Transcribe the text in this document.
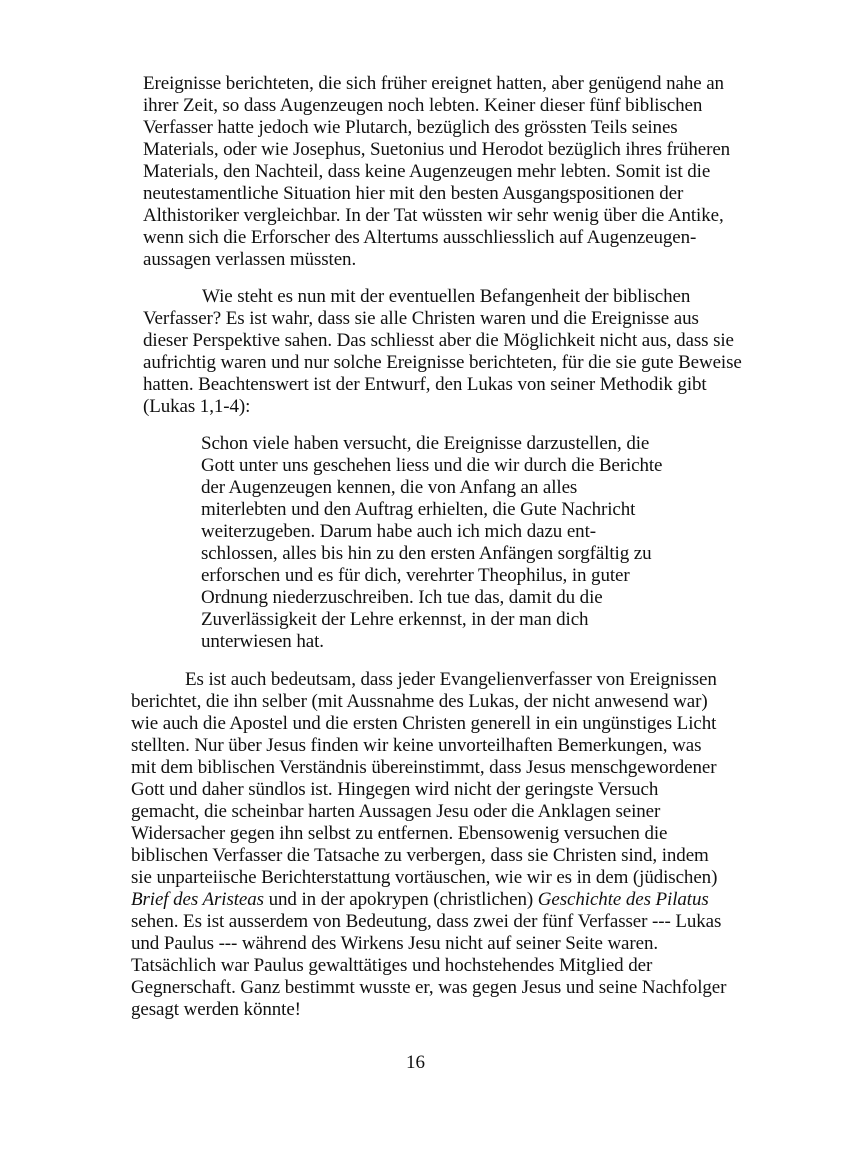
Ereignisse berichteten, die sich früher ereignet hatten, aber genügend nahe an
ihrer Zeit, so dass Augenzeugen noch lebten. Keiner dieser fünf biblischen
Verfasser hatte jedoch wie Plutarch, bezüglich des grössten Teils seines
Materials, oder wie Josephus, Suetonius und Herodot bezüglich ihres früheren
Materials, den Nachteil, dass keine Augenzeugen mehr lebten. Somit ist die
neutestamentliche Situation hier mit den besten Ausgangspositionen der
Althistoriker vergleichbar. In der Tat wüssten wir sehr wenig über die Antike,
wenn sich die Erforscher des Altertums ausschliesslich auf Augenzeugen-
aussagen verlassen müssten.
Wie steht es nun mit der eventuellen Befangenheit der biblischen
Verfasser? Es ist wahr, dass sie alle Christen waren und die Ereignisse aus
dieser Perspektive sahen. Das schliesst aber die Möglichkeit nicht aus, dass sie
aufrichtig waren und nur solche Ereignisse berichteten, für die sie gute Beweise
hatten. Beachtenswert ist der Entwurf, den Lukas von seiner Methodik gibt
(Lukas 1,1-4):
Schon viele haben versucht, die Ereignisse darzustellen, die
Gott unter uns geschehen liess und die wir durch die Berichte
der Augenzeugen kennen, die von Anfang an alles
miterlebten und den Auftrag erhielten, die Gute Nachricht
weiterzugeben. Darum habe auch ich mich dazu ent-
schlossen, alles bis hin zu den ersten Anfängen sorgfältig zu
erforschen und es für dich, verehrter Theophilus, in guter
Ordnung niederzuschreiben. Ich tue das, damit du die
Zuverlässigkeit der Lehre erkennst, in der man dich
unterwiesen hat.
Es ist auch bedeutsam, dass jeder Evangelienverfasser von Ereignissen
berichtet, die ihn selber (mit Aussnahme des Lukas, der nicht anwesend war)
wie auch die Apostel und die ersten Christen generell in ein ungünstiges Licht
stellten. Nur über Jesus finden wir keine unvorteilhaften Bemerkungen, was
mit dem biblischen Verständnis übereinstimmt, dass Jesus menschgewordener
Gott und daher sündlos ist. Hingegen wird nicht der geringste Versuch
gemacht, die scheinbar harten Aussagen Jesu oder die Anklagen seiner
Widersacher gegen ihn selbst zu entfernen. Ebensowenig versuchen die
biblischen Verfasser die Tatsache zu verbergen, dass sie Christen sind, indem
sie unparteiische Berichterstattung vortäuschen, wie wir es in dem (jüdischen)
Brief des Aristeas und in der apokrypen (christlichen) Geschichte des Pilatus
sehen. Es ist ausserdem von Bedeutung, dass zwei der fünf Verfasser --- Lukas
und Paulus --- während des Wirkens Jesu nicht auf seiner Seite waren.
Tatsächlich war Paulus gewalttätiges und hochstehendes Mitglied der
Gegnerschaft. Ganz bestimmt wusste er, was gegen Jesus und seine Nachfolger
gesagt werden könnte!
16
